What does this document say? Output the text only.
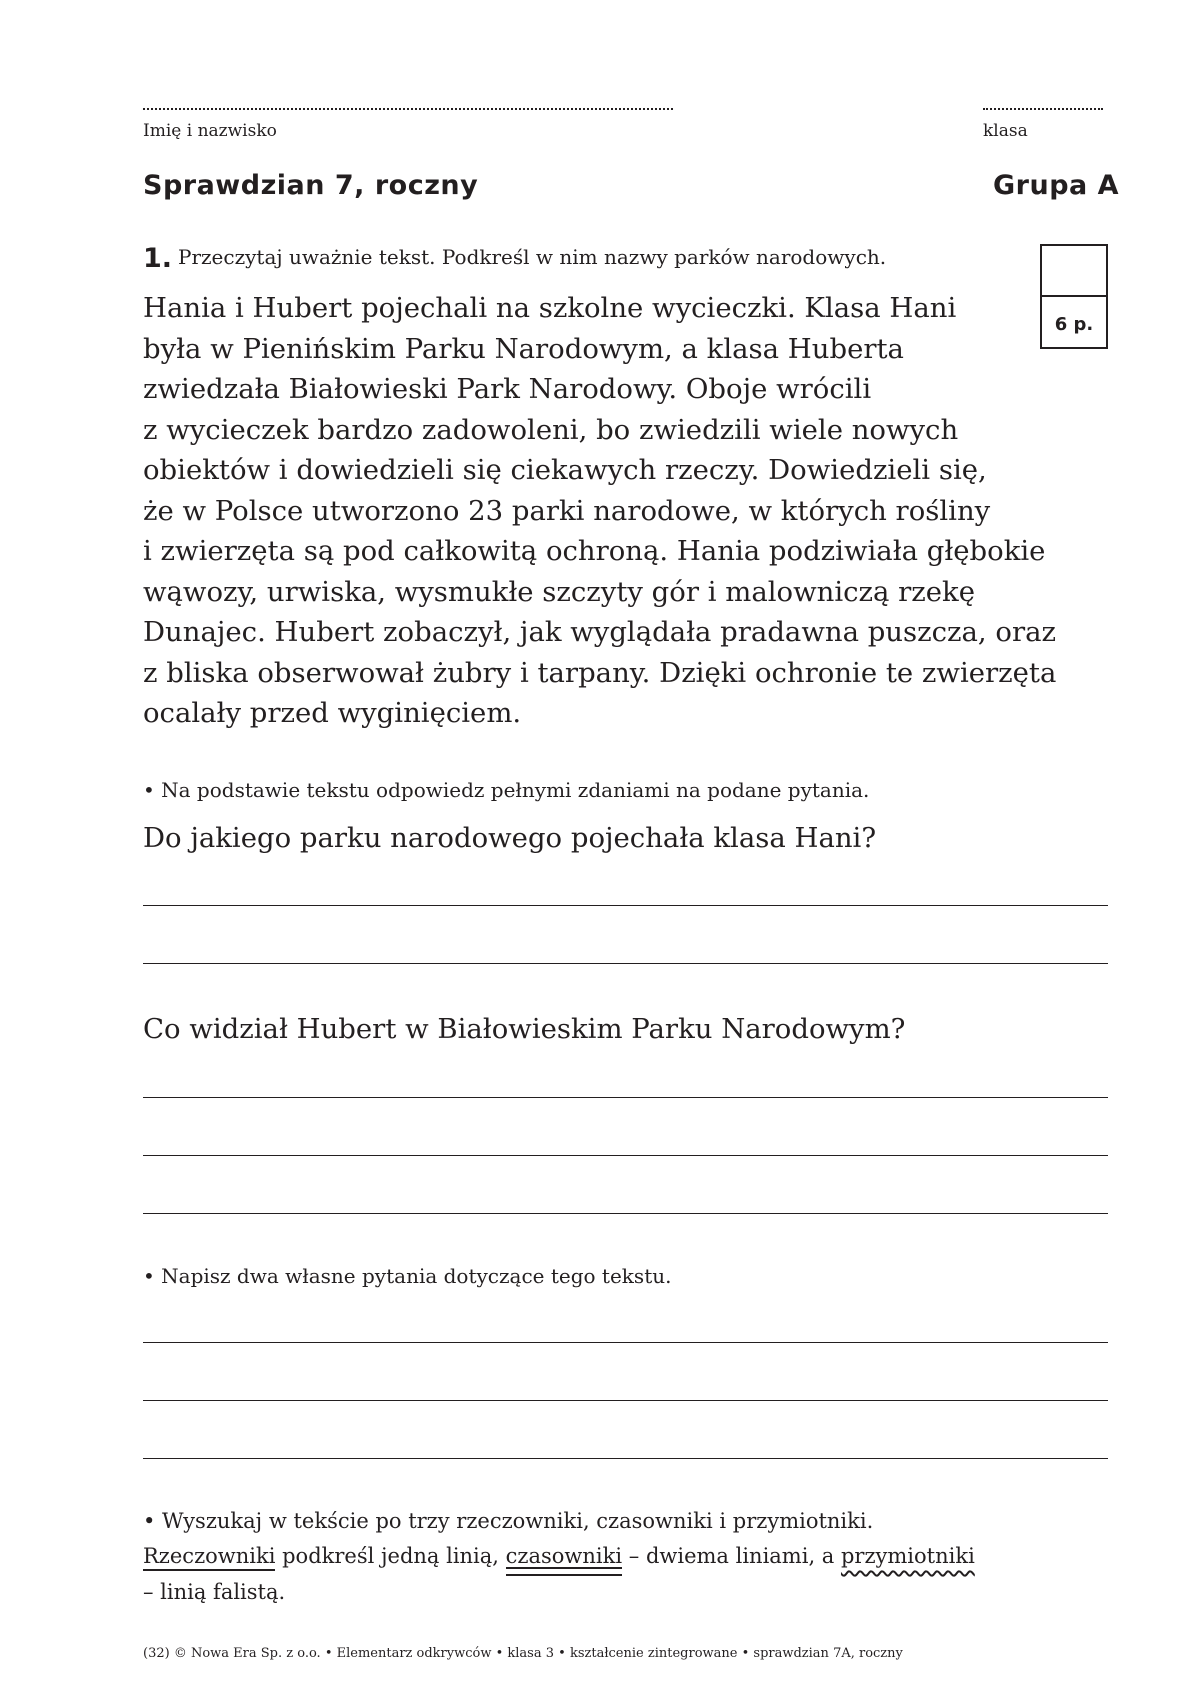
Imię i nazwisko	klasa
Sprawdzian 7, roczny	Grupa A
1. Przeczytaj uważnie tekst. Podkreśl w nim nazwy parków narodowych.
6 p.
Hania i Hubert pojechali na szkolne wycieczki. Klasa Hani
była w Pienińskim Parku Narodowym, a klasa Huberta
zwiedzała Białowieski Park Narodowy. Oboje wrócili
z wycieczek bardzo zadowoleni, bo zwiedzili wiele nowych
obiektów i dowiedzieli się ciekawych rzeczy. Dowiedzieli się,
że w Polsce utworzono 23 parki narodowe, w których rośliny
i zwierzęta są pod całkowitą ochroną. Hania podziwiała głębokie
wąwozy, urwiska, wysmukłe szczyty gór i malowniczą rzekę
Dunajec. Hubert zobaczył, jak wyglądała pradawna puszcza, oraz
z bliska obserwował żubry i tarpany. Dzięki ochronie te zwierzęta
ocalały przed wyginięciem.
• Na podstawie tekstu odpowiedz pełnymi zdaniami na podane pytania.
Do jakiego parku narodowego pojechała klasa Hani?
Co widział Hubert w Białowieskim Parku Narodowym?
• Napisz dwa własne pytania dotyczące tego tekstu.
• Wyszukaj w tekście po trzy rzeczowniki, czasowniki i przymiotniki.
Rzeczowniki podkreśl jedną linią, czasowniki – dwiema liniami, a przymiotniki
– linią falistą.
(32) © Nowa Era Sp. z o.o. • Elementarz odkrywców • klasa 3 • kształcenie zintegrowane • sprawdzian 7A, roczny
